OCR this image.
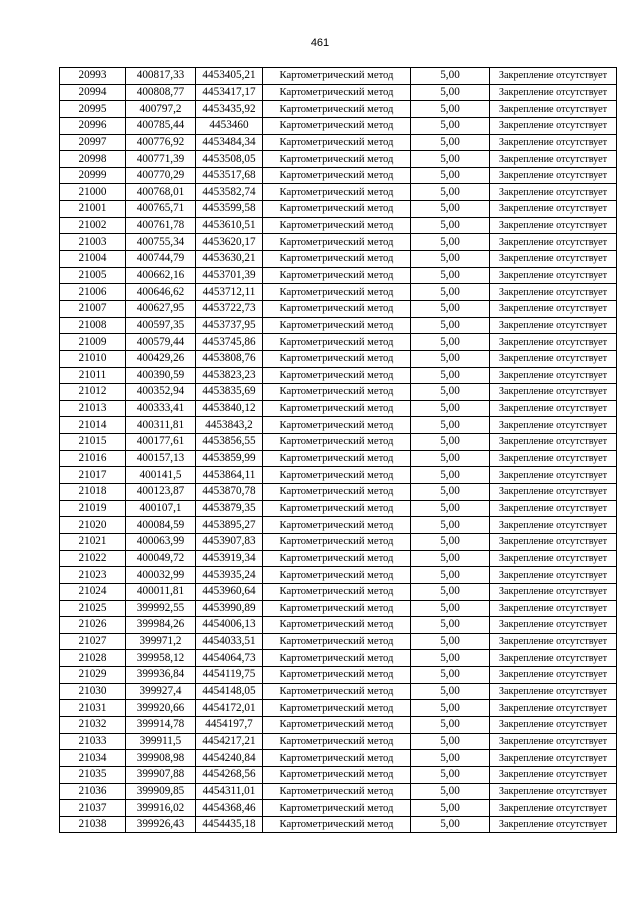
461
20993	400817,33	4453405,21	Картометрический метод	5,00	Закрепление отсутствует
20994	400808,77	4453417,17	Картометрический метод	5,00	Закрепление отсутствует
20995	400797,2	4453435,92	Картометрический метод	5,00	Закрепление отсутствует
20996	400785,44	4453460	Картометрический метод	5,00	Закрепление отсутствует
20997	400776,92	4453484,34	Картометрический метод	5,00	Закрепление отсутствует
20998	400771,39	4453508,05	Картометрический метод	5,00	Закрепление отсутствует
20999	400770,29	4453517,68	Картометрический метод	5,00	Закрепление отсутствует
21000	400768,01	4453582,74	Картометрический метод	5,00	Закрепление отсутствует
21001	400765,71	4453599,58	Картометрический метод	5,00	Закрепление отсутствует
21002	400761,78	4453610,51	Картометрический метод	5,00	Закрепление отсутствует
21003	400755,34	4453620,17	Картометрический метод	5,00	Закрепление отсутствует
21004	400744,79	4453630,21	Картометрический метод	5,00	Закрепление отсутствует
21005	400662,16	4453701,39	Картометрический метод	5,00	Закрепление отсутствует
21006	400646,62	4453712,11	Картометрический метод	5,00	Закрепление отсутствует
21007	400627,95	4453722,73	Картометрический метод	5,00	Закрепление отсутствует
21008	400597,35	4453737,95	Картометрический метод	5,00	Закрепление отсутствует
21009	400579,44	4453745,86	Картометрический метод	5,00	Закрепление отсутствует
21010	400429,26	4453808,76	Картометрический метод	5,00	Закрепление отсутствует
21011	400390,59	4453823,23	Картометрический метод	5,00	Закрепление отсутствует
21012	400352,94	4453835,69	Картометрический метод	5,00	Закрепление отсутствует
21013	400333,41	4453840,12	Картометрический метод	5,00	Закрепление отсутствует
21014	400311,81	4453843,2	Картометрический метод	5,00	Закрепление отсутствует
21015	400177,61	4453856,55	Картометрический метод	5,00	Закрепление отсутствует
21016	400157,13	4453859,99	Картометрический метод	5,00	Закрепление отсутствует
21017	400141,5	4453864,11	Картометрический метод	5,00	Закрепление отсутствует
21018	400123,87	4453870,78	Картометрический метод	5,00	Закрепление отсутствует
21019	400107,1	4453879,35	Картометрический метод	5,00	Закрепление отсутствует
21020	400084,59	4453895,27	Картометрический метод	5,00	Закрепление отсутствует
21021	400063,99	4453907,83	Картометрический метод	5,00	Закрепление отсутствует
21022	400049,72	4453919,34	Картометрический метод	5,00	Закрепление отсутствует
21023	400032,99	4453935,24	Картометрический метод	5,00	Закрепление отсутствует
21024	400011,81	4453960,64	Картометрический метод	5,00	Закрепление отсутствует
21025	399992,55	4453990,89	Картометрический метод	5,00	Закрепление отсутствует
21026	399984,26	4454006,13	Картометрический метод	5,00	Закрепление отсутствует
21027	399971,2	4454033,51	Картометрический метод	5,00	Закрепление отсутствует
21028	399958,12	4454064,73	Картометрический метод	5,00	Закрепление отсутствует
21029	399936,84	4454119,75	Картометрический метод	5,00	Закрепление отсутствует
21030	399927,4	4454148,05	Картометрический метод	5,00	Закрепление отсутствует
21031	399920,66	4454172,01	Картометрический метод	5,00	Закрепление отсутствует
21032	399914,78	4454197,7	Картометрический метод	5,00	Закрепление отсутствует
21033	399911,5	4454217,21	Картометрический метод	5,00	Закрепление отсутствует
21034	399908,98	4454240,84	Картометрический метод	5,00	Закрепление отсутствует
21035	399907,88	4454268,56	Картометрический метод	5,00	Закрепление отсутствует
21036	399909,85	4454311,01	Картометрический метод	5,00	Закрепление отсутствует
21037	399916,02	4454368,46	Картометрический метод	5,00	Закрепление отсутствует
21038	399926,43	4454435,18	Картометрический метод	5,00	Закрепление отсутствует
